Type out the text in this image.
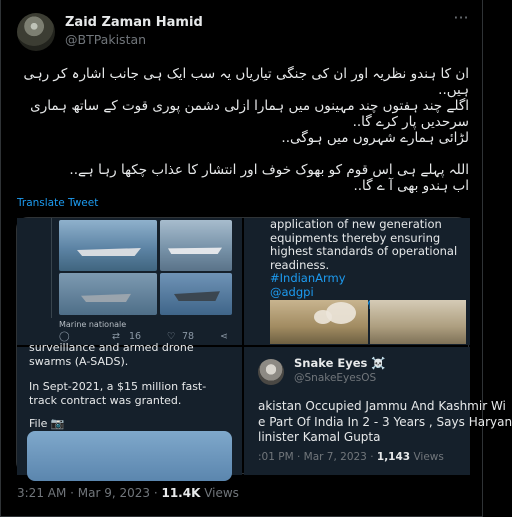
Zaid Zaman Hamid
@BTPakistan
···

ان کا ہندو نظریہ اور ان کی جنگی تیاریاں یہ سب ایک ہی جانب اشارہ کر رہی ہیں..

اگلے چند ہفتوں چند مہینوں میں ہمارا ازلی دشمن پوری قوت کے ساتھ ہماری سرحدیں پار کرے گا..

لڑائی ہمارے شہروں میں ہوگی..

اللہ پہلے ہی اس قوم کو بھوک خوف اور انتشار کا عذاب چکھا رہا ہے..

اب ہندو بھی آ ے گا..

Translate Tweet
Marine nationale
◯	⇄ 16	♡ 78	⋖
application of new generation equipments thereby ensuring highest standards of operational readiness.
#IndianArmy
@adgpi
surveillance and armed drone swarms (A-SADS).
In Sept-2021, a $15 million fast-track contract was granted.
File 📷
Snake Eyes ☠️
@SnakeEyesOS
akistan Occupied Jammu And Kashmir Wi
e Part Of India In 2 - 3 Years , Says Haryan
linister Kamal Gupta
:01 PM · Mar 7, 2023 · 1,143 Views
3:21 AM · Mar 9, 2023 · 11.4K Views
